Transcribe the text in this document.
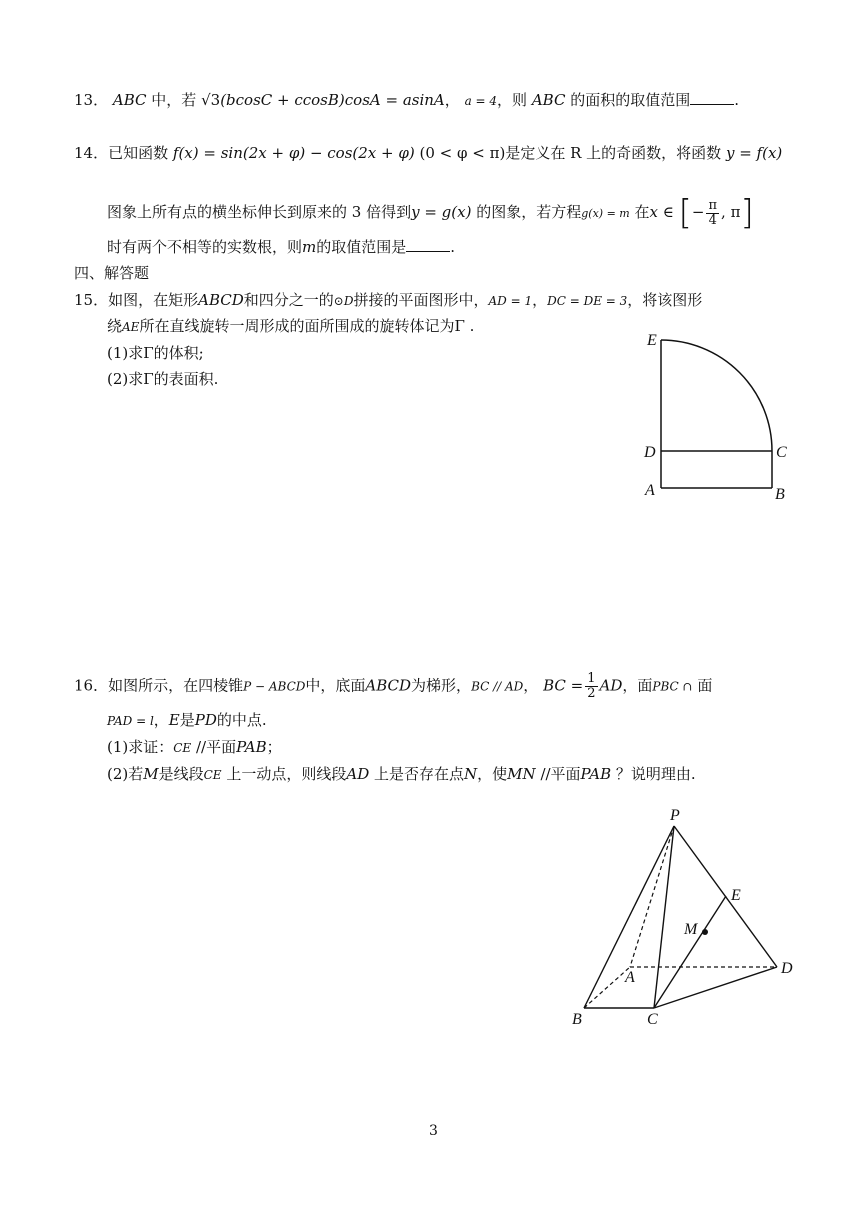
13． ABC 中，若 √3(bcosC + ccosB)cosA = asinA， a = 4，则 ABC 的面积的取值范围	.
14．已知函数 f(x) = sin(2x + φ) − cos(2x + φ) (0 < φ < π)是定义在 R 上的奇函数，将函数 y = f(x)
图象上所有点的横坐标伸长到原来的 3 倍得到y = g(x) 的图象，若方程g(x) = m 在x ∈ [− $\frac{\pi}{4}$ , π]
时有两个不相等的实数根，则m的取值范围是	.
四、解答题
15．如图，在矩形ABCD和四分之一的⊙D拼接的平面图形中，AD = 1，DC = DE = 3，将该图形
绕AE所在直线旋转一周形成的面所围成的旋转体记为Γ .
(1)求Γ的体积;
(2)求Γ的表面积.
E
D	C
A	B
16．如图所示，在四棱锥P − ABCD中，底面ABCD为梯形，BC // AD， BC = $\frac{1}{2}$ AD，面PBC ∩ 面
PAD = l，E是PD的中点.
(1)求证：CE //平面PAB；
(2)若M是线段CE 上一动点，则线段AD 上是否存在点N，使MN //平面PAB ？说明理由.
P
E
M
A
D
B	C
3
